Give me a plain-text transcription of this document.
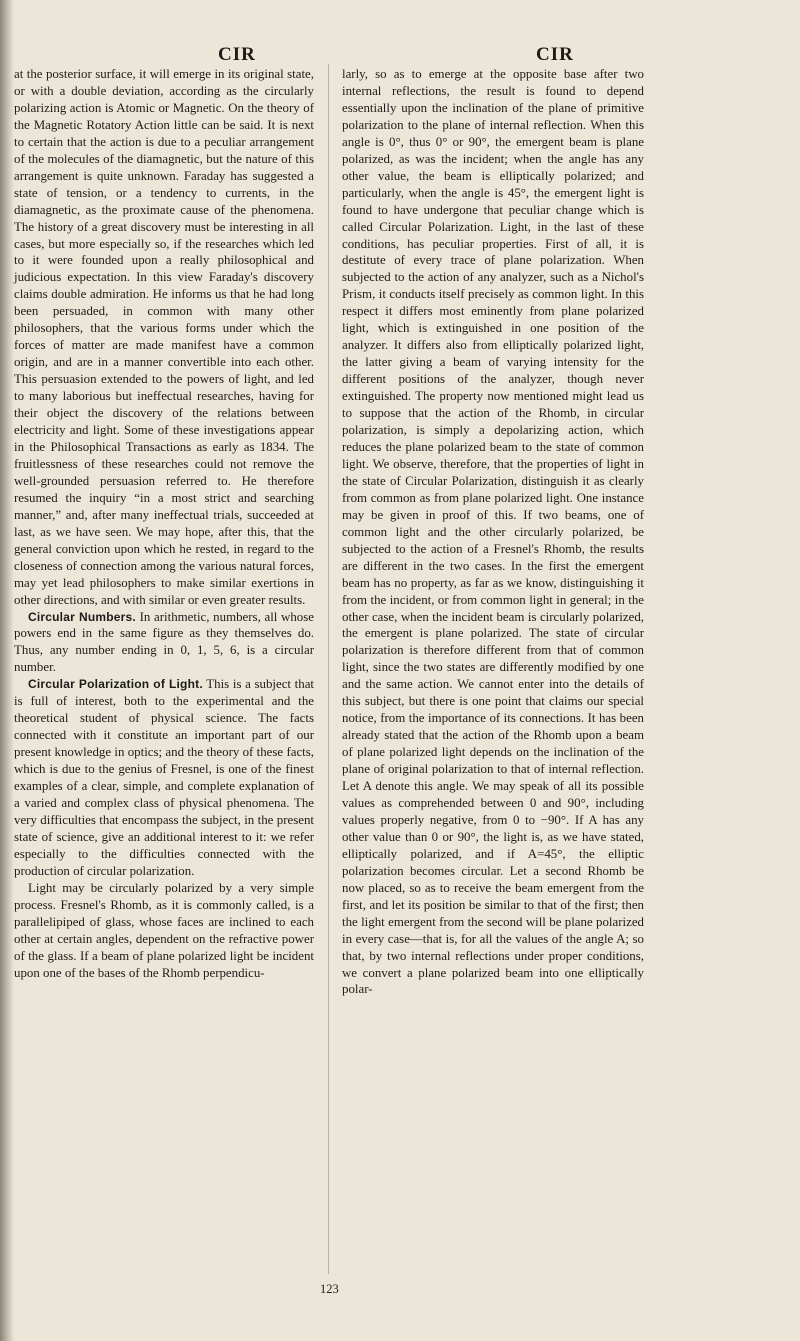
CIR	CIR

at the posterior surface, it will emerge in its original state, or with a double deviation, according as the circularly polarizing action is Atomic or Magnetic. On the theory of the Magnetic Rotatory Action little can be said. It is next to certain that the action is due to a peculiar arrangement of the molecules of the diamagnetic, but the nature of this arrangement is quite unknown. Faraday has suggested a state of tension, or a tendency to currents, in the diamagnetic, as the proximate cause of the phenomena. The history of a great discovery must be interesting in all cases, but more especially so, if the researches which led to it were founded upon a really philosophical and judicious expectation. In this view Faraday's discovery claims double admiration. He informs us that he had long been persuaded, in common with many other philosophers, that the various forms under which the forces of matter are made manifest have a common origin, and are in a manner convertible into each other. This persuasion extended to the powers of light, and led to many laborious but ineffectual researches, having for their object the discovery of the relations between electricity and light. Some of these investigations appear in the Philosophical Transactions as early as 1834. The fruitlessness of these researches could not remove the well-grounded persuasion referred to. He therefore resumed the inquiry “in a most strict and searching manner,” and, after many ineffectual trials, succeeded at last, as we have seen. We may hope, after this, that the general conviction upon which he rested, in regard to the closeness of connection among the various natural forces, may yet lead philosophers to make similar exertions in other directions, and with similar or even greater results.

Circular Numbers. In arithmetic, numbers, all whose powers end in the same figure as they themselves do. Thus, any number ending in 0, 1, 5, 6, is a circular number.

Circular Polarization of Light. This is a subject that is full of interest, both to the experimental and the theoretical student of physical science. The facts connected with it constitute an important part of our present knowledge in optics; and the theory of these facts, which is due to the genius of Fresnel, is one of the finest examples of a clear, simple, and complete explanation of a varied and complex class of physical phenomena. The very difficulties that encompass the subject, in the present state of science, give an additional interest to it: we refer especially to the difficulties connected with the production of circular polarization.

Light may be circularly polarized by a very simple process. Fresnel's Rhomb, as it is commonly called, is a parallelipiped of glass, whose faces are inclined to each other at certain angles, dependent on the refractive power of the glass. If a beam of plane polarized light be incident upon one of the bases of the Rhomb perpendicu-

larly, so as to emerge at the opposite base after two internal reflections, the result is found to depend essentially upon the inclination of the plane of primitive polarization to the plane of internal reflection. When this angle is 0°, thus 0° or 90°, the emergent beam is plane polarized, as was the incident; when the angle has any other value, the beam is elliptically polarized; and particularly, when the angle is 45°, the emergent light is found to have undergone that peculiar change which is called Circular Polarization. Light, in the last of these conditions, has peculiar properties. First of all, it is destitute of every trace of plane polarization. When subjected to the action of any analyzer, such as a Nichol's Prism, it conducts itself precisely as common light. In this respect it differs most eminently from plane polarized light, which is extinguished in one position of the analyzer. It differs also from elliptically polarized light, the latter giving a beam of varying intensity for the different positions of the analyzer, though never extinguished. The property now mentioned might lead us to suppose that the action of the Rhomb, in circular polarization, is simply a depolarizing action, which reduces the plane polarized beam to the state of common light. We observe, therefore, that the properties of light in the state of Circular Polarization, distinguish it as clearly from common as from plane polarized light. One instance may be given in proof of this. If two beams, one of common light and the other circularly polarized, be subjected to the action of a Fresnel's Rhomb, the results are different in the two cases. In the first the emergent beam has no property, as far as we know, distinguishing it from the incident, or from common light in general; in the other case, when the incident beam is circularly polarized, the emergent is plane polarized. The state of circular polarization is therefore different from that of common light, since the two states are differently modified by one and the same action. We cannot enter into the details of this subject, but there is one point that claims our special notice, from the importance of its connections. It has been already stated that the action of the Rhomb upon a beam of plane polarized light depends on the inclination of the plane of original polarization to that of internal reflection. Let A denote this angle. We may speak of all its possible values as comprehended between 0 and 90°, including values properly negative, from 0 to −90°. If A has any other value than 0 or 90°, the light is, as we have stated, elliptically polarized, and if A=45°, the elliptic polarization becomes circular. Let a second Rhomb be now placed, so as to receive the beam emergent from the first, and let its position be similar to that of the first; then the light emergent from the second will be plane polarized in every case—that is, for all the values of the angle A; so that, by two internal reflections under proper conditions, we convert a plane polarized beam into one elliptically polar-

123
